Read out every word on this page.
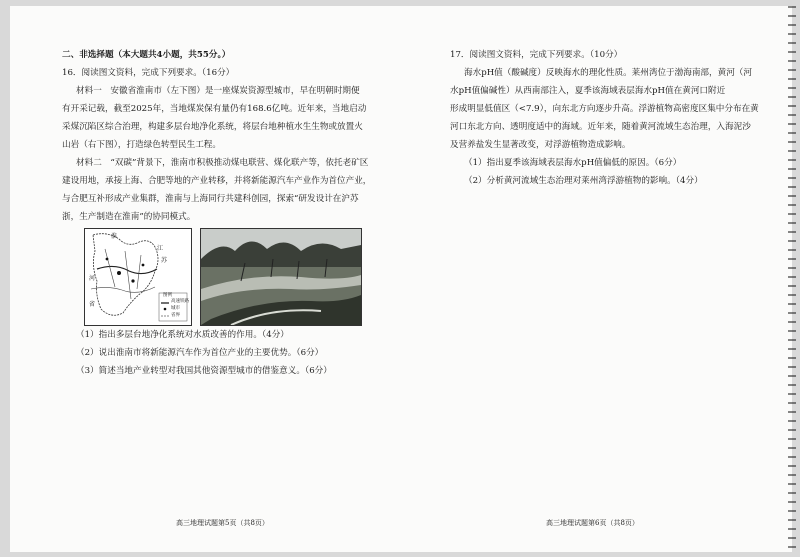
二、非选择题（本大题共4小题，共55分。）
16．阅读图文资料，完成下列要求。（16分）
材料一　安徽省淮南市（左下图）是一座煤炭资源型城市，早在明朝时期便
有开采记载，截至2025年，当地煤炭保有量仍有168.6亿吨。近年来，当地启动
采煤沉陷区综合治理，构建多层台地净化系统，将层台地种植水生生物或放置火
山岩（右下图），打造绿色转型民生工程。
材料二　“双碳”背景下，淮南市积极推动煤电联营、煤化联产等，依托老矿区
建设用地，承接上海、合肥等地的产业转移，并将新能源汽车产业作为首位产业，
与合肥互补形成产业集群，淮南与上海同行共建科创园，探索“研发设计在沪苏
浙，生产制造在淮南”的协同模式。
淮
江
苏
河
省
图例
高速铁路
城市
省界
（1）指出多层台地净化系统对水质改善的作用。（4分）
（2）说出淮南市将新能源汽车作为首位产业的主要优势。（6分）
（3）简述当地产业转型对我国其他资源型城市的借鉴意义。（6分）
高三地理试题第5页（共8页）
17．阅读图文资料，完成下列要求。（10分）
海水pH值（酸碱度）反映海水的理化性质。莱州湾位于渤海南部，黄河（河
水pH值偏碱性）从西南部注入，夏季该海域表层海水pH值在黄河口附近
形成明显低值区（<7.9），向东北方向逐步升高。浮游植物高密度区集中分布在黄
河口东北方向、透明度适中的海域。近年来，随着黄河流域生态治理，入海泥沙
及营养盐发生显著改变，对浮游植物造成影响。
（1）指出夏季该海域表层海水pH值偏低的原因。（6分）
（2）分析黄河流域生态治理对莱州湾浮游植物的影响。（4分）
高三地理试题第6页（共8页）
